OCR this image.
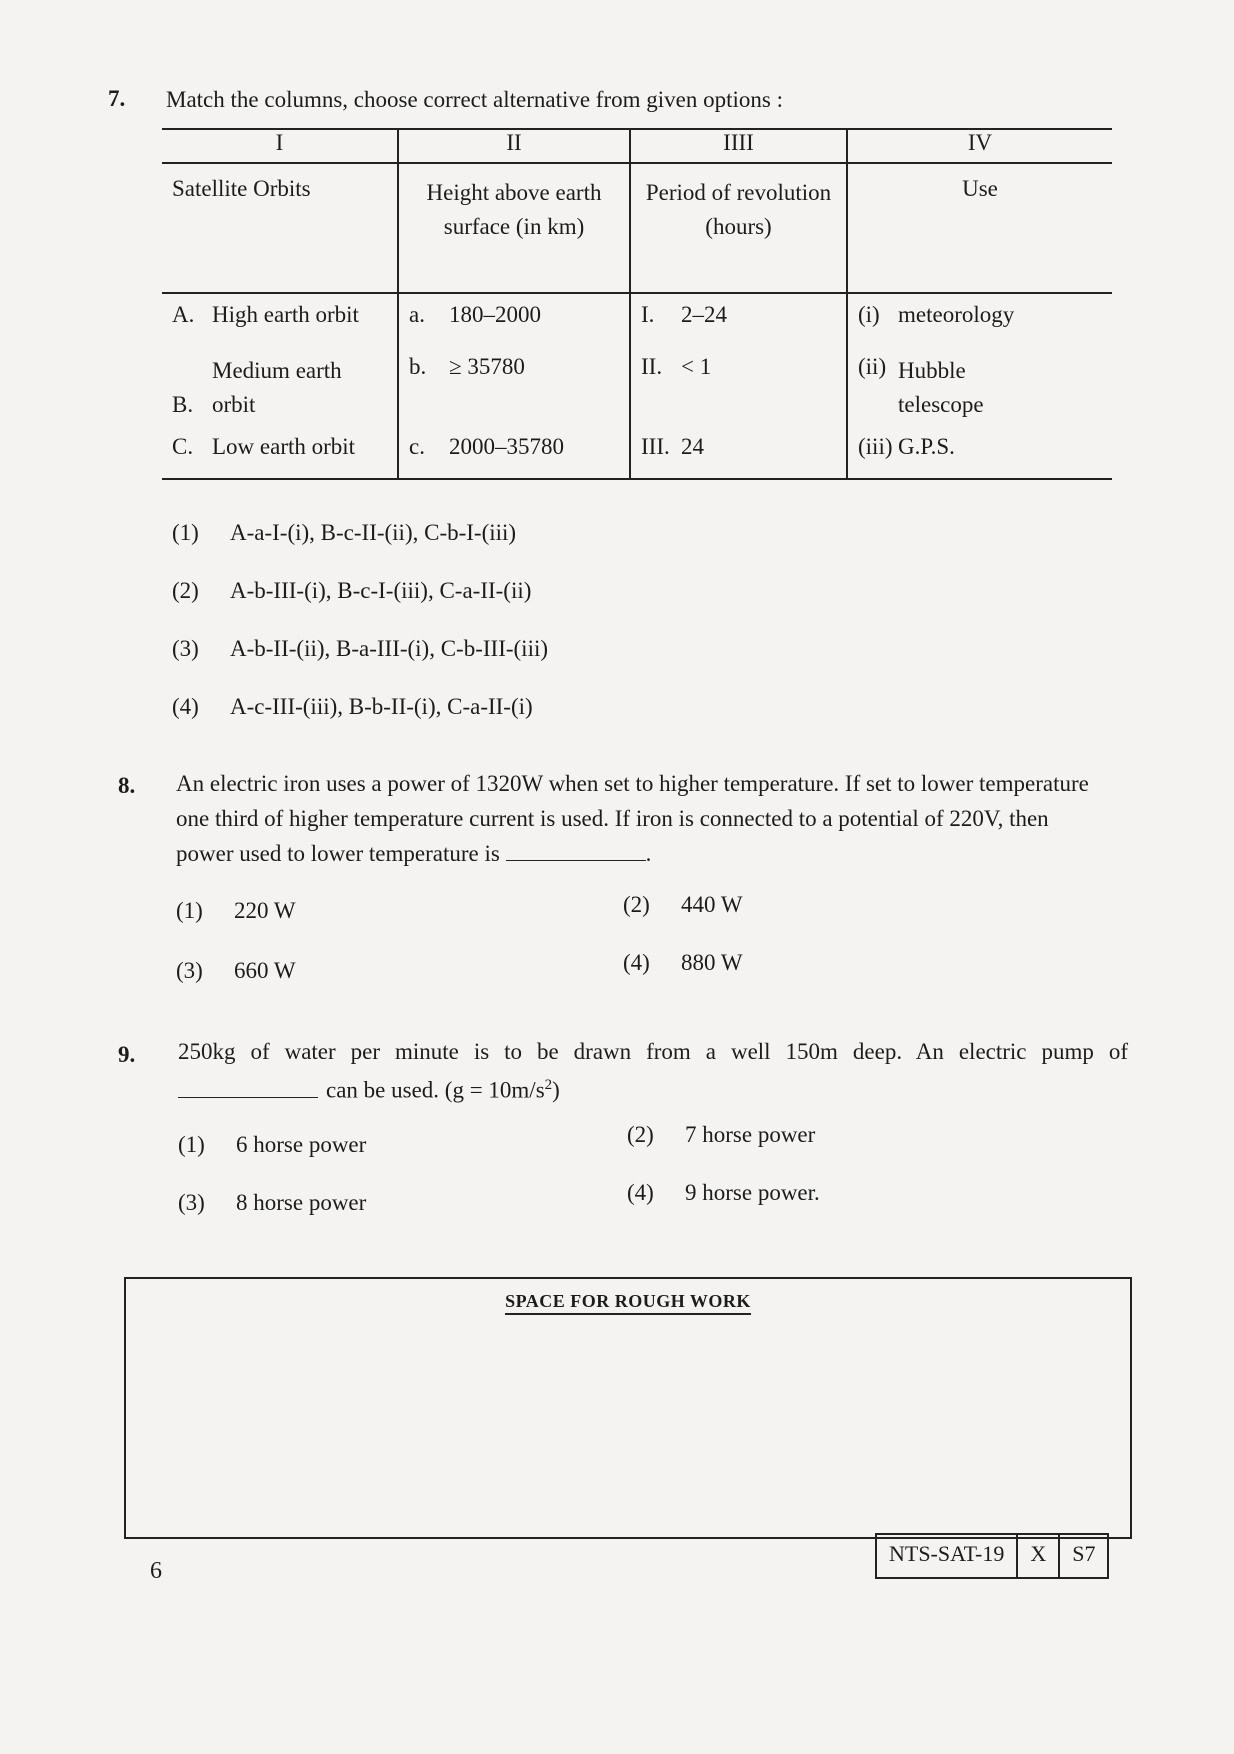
7. Match the columns, choose correct alternative from given options :
I	II	IIII	IV
Satellite Orbits	Height above earth surface (in km)	Period of revolution (hours)	Use
A. High earth orbit	a. 180–2000	I. 2–24	(i) meteorology
B.Medium earth orbit	b. ≥ 35780	II. < 1	(ii) Hubble telescope
C. Low earth orbit	c. 2000–35780	III. 24	(iii) G.P.S.
(1) A-a-I-(i), B-c-II-(ii), C-b-I-(iii)
(2) A-b-III-(i), B-c-I-(iii), C-a-II-(ii)
(3) A-b-II-(ii), B-a-III-(i), C-b-III-(iii)
(4) A-c-III-(iii), B-b-II-(i), C-a-II-(i)
8. An electric iron uses a power of 1320W when set to higher temperature. If set to lower temperature
one third of higher temperature current is used. If iron is connected to a potential of 220V, then
power used to lower temperature is	.
(1) 220 W	(2) 440 W
(3) 660 W	(4) 880 W
9. 250kg of water per minute is to be drawn from a well 150m deep. An electric pump of
can be used. $(g = 10m/s^2)$
(1) 6 horse power	(2) 7 horse power
(3) 8 horse power	(4) 9 horse power.
SPACE FOR ROUGH WORK
NTS-SAT-19	X	S7
6
